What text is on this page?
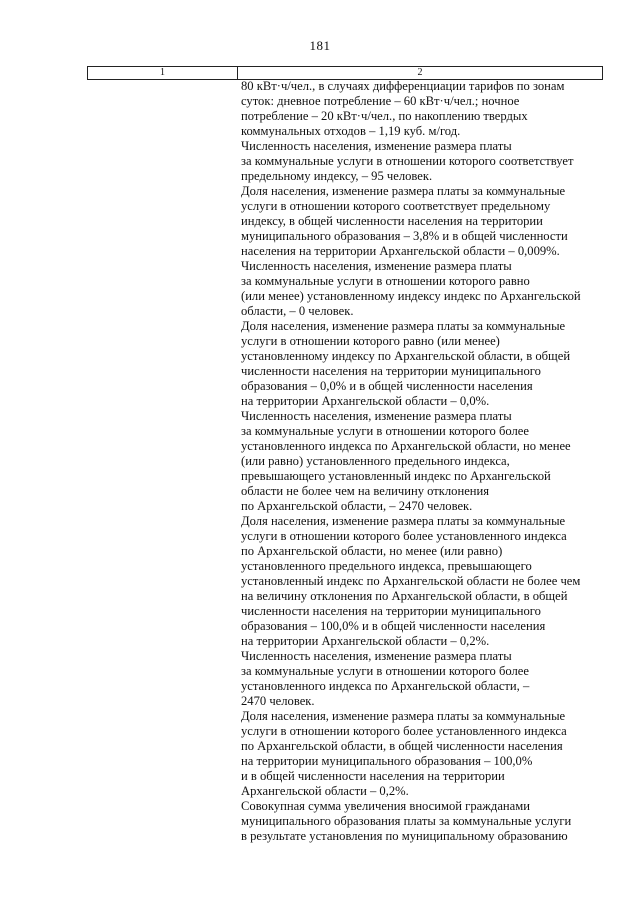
181
1	2
80 кВт·ч/чел., в случаях дифференциации тарифов по зонам
суток: дневное потребление – 60 кВт·ч/чел.; ночное
потребление – 20 кВт·ч/чел., по накоплению твердых
коммунальных отходов – 1,19 куб. м/год.
Численность населения, изменение размера платы
за коммунальные услуги в отношении которого соответствует
предельному индексу, – 95 человек.
Доля населения, изменение размера платы за коммунальные
услуги в отношении которого соответствует предельному
индексу, в общей численности населения на территории
муниципального образования – 3,8% и в общей численности
населения на территории Архангельской области – 0,009%.
Численность населения, изменение размера платы
за коммунальные услуги в отношении которого равно
(или менее) установленному индексу индекс по Архангельской
области, – 0 человек.
Доля населения, изменение размера платы за коммунальные
услуги в отношении которого равно (или менее)
установленному индексу по Архангельской области, в общей
численности населения на территории муниципального
образования – 0,0% и в общей численности населения
на территории Архангельской области – 0,0%.
Численность населения, изменение размера платы
за коммунальные услуги в отношении которого более
установленного индекса по Архангельской области, но менее
(или равно) установленного предельного индекса,
превышающего установленный индекс по Архангельской
области не более чем на величину отклонения
по Архангельской области, – 2470 человек.
Доля населения, изменение размера платы за коммунальные
услуги в отношении которого более установленного индекса
по Архангельской области, но менее (или равно)
установленного предельного индекса, превышающего
установленный индекс по Архангельской области не более чем
на величину отклонения по Архангельской области, в общей
численности населения на территории муниципального
образования – 100,0% и в общей численности населения
на территории Архангельской области – 0,2%.
Численность населения, изменение размера платы
за коммунальные услуги в отношении которого более
установленного индекса по Архангельской области, –
2470 человек.
Доля населения, изменение размера платы за коммунальные
услуги в отношении которого более установленного индекса
по Архангельской области, в общей численности населения
на территории муниципального образования – 100,0%
и в общей численности населения на территории
Архангельской области – 0,2%.
Совокупная сумма увеличения вносимой гражданами
муниципального образования платы за коммунальные услуги
в результате установления по муниципальному образованию
